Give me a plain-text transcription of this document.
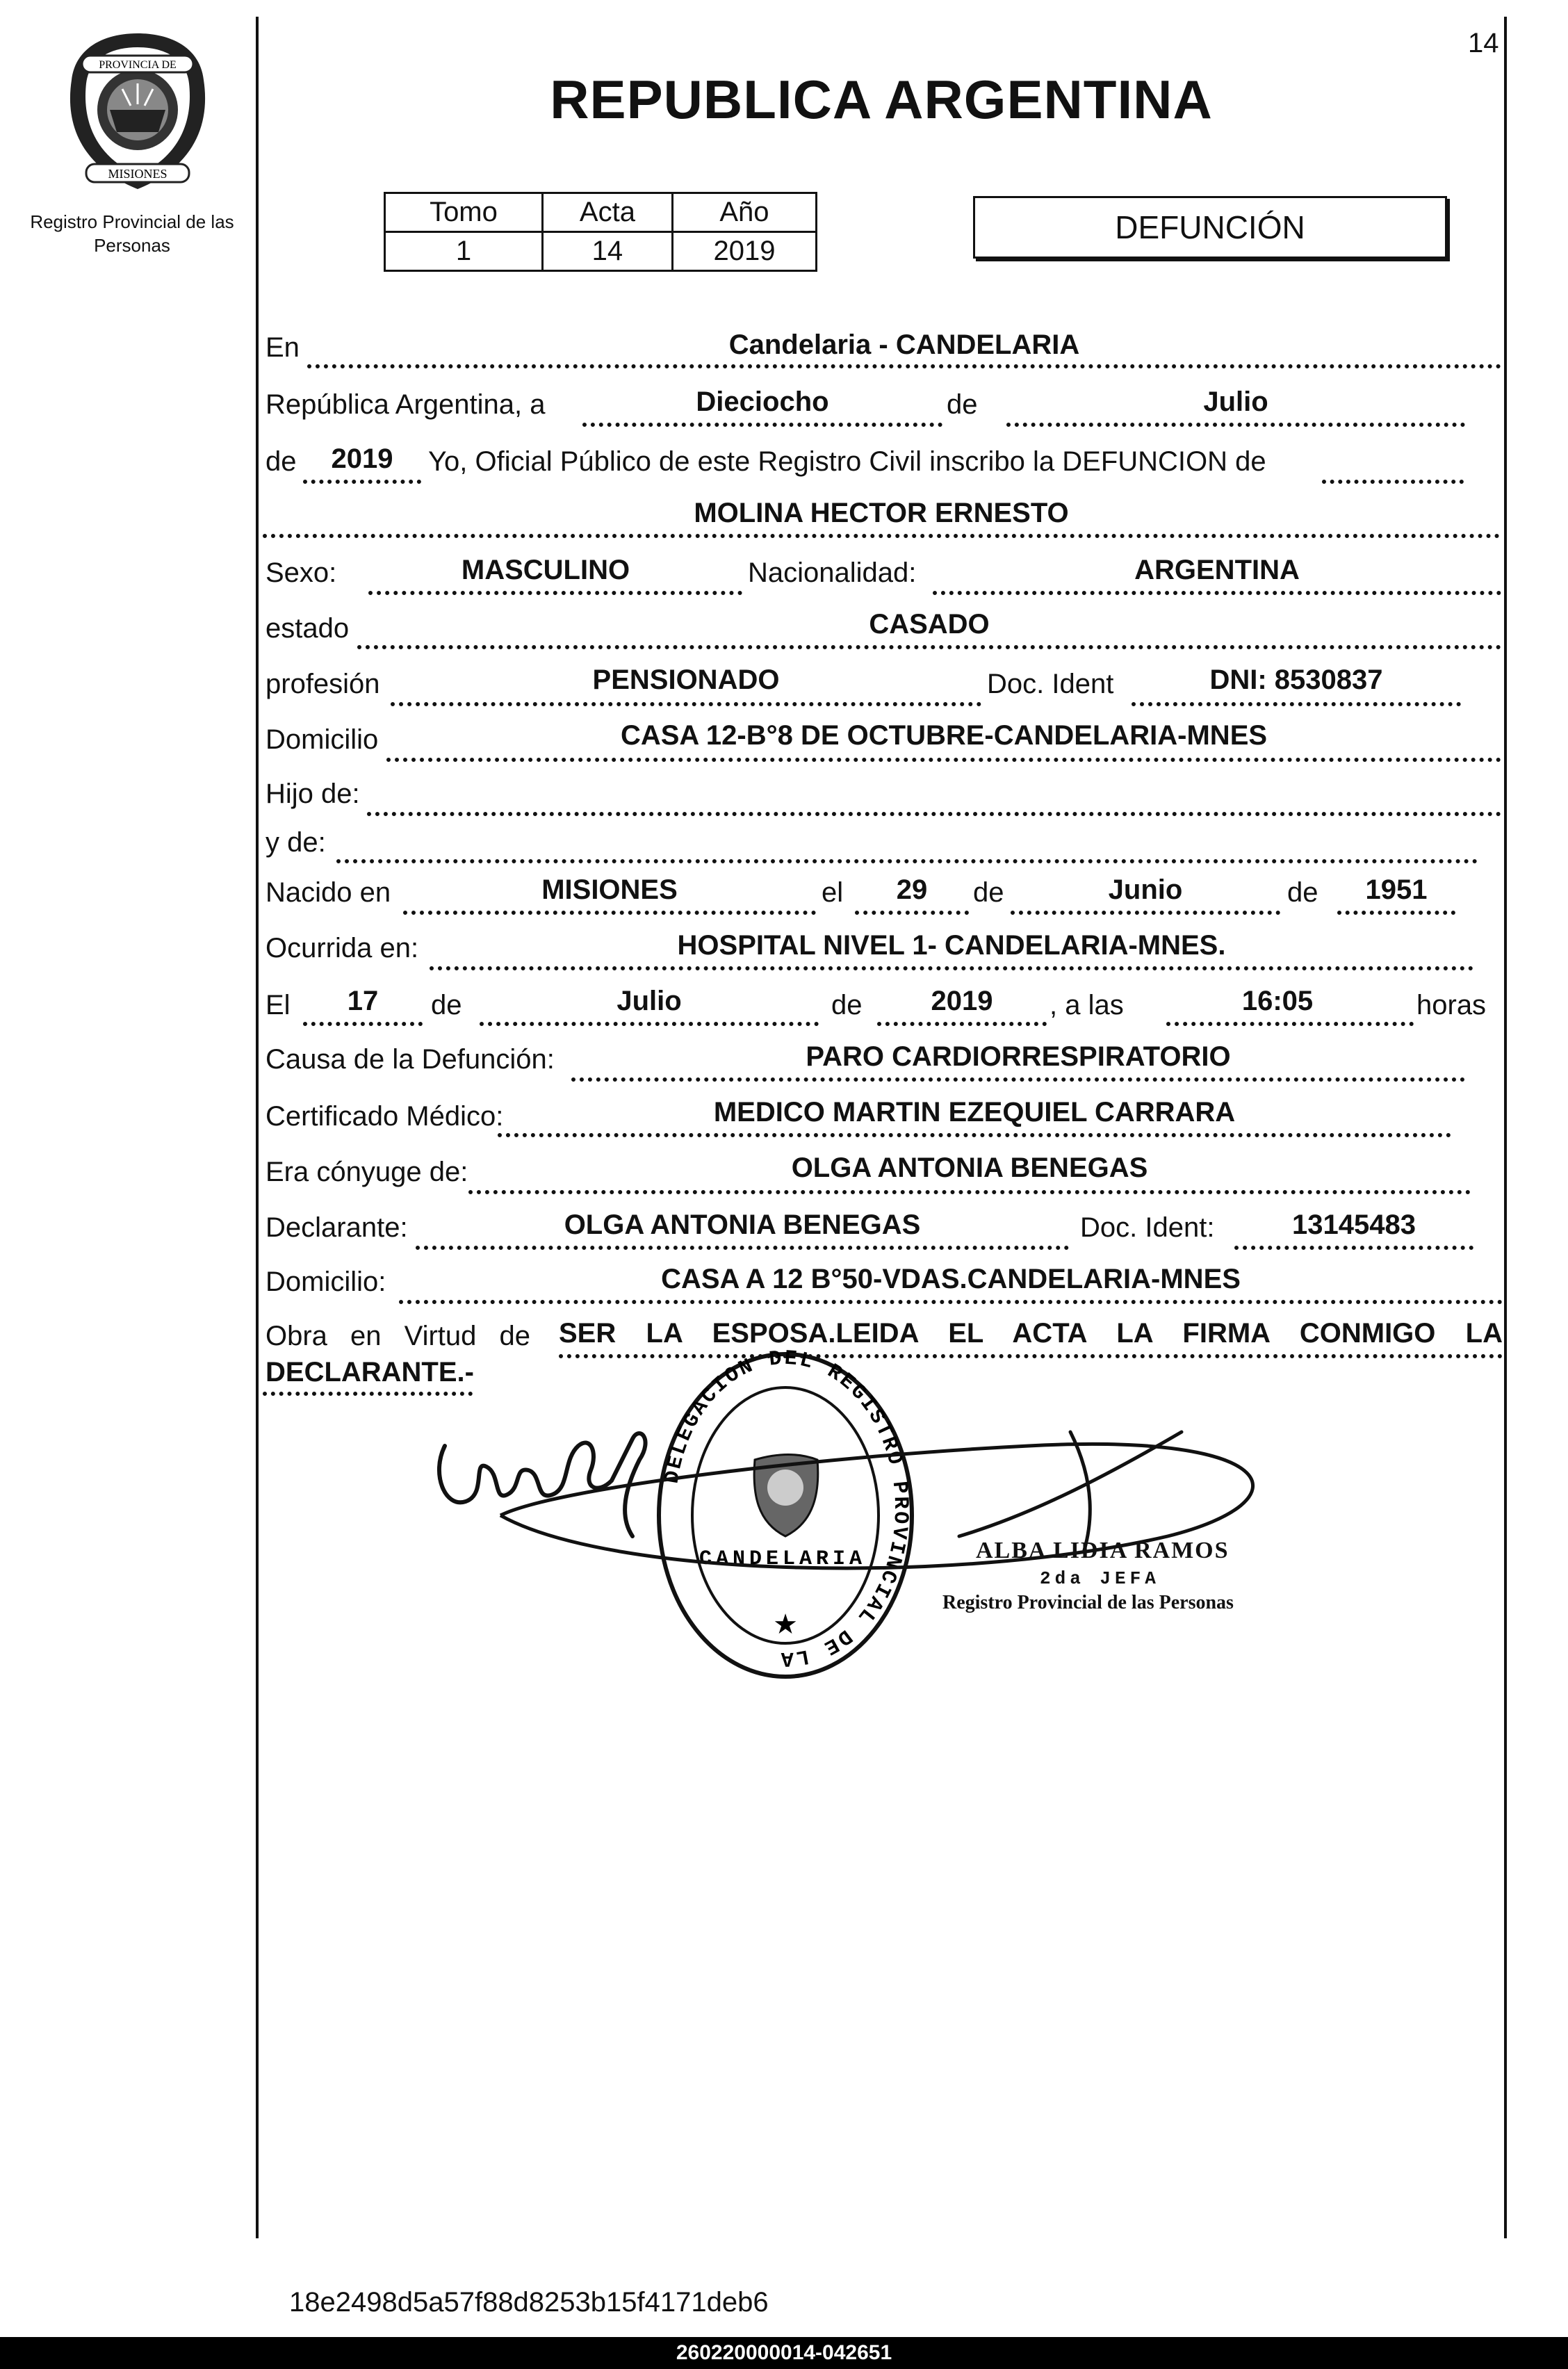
14
PROVINCIA DE
MISIONES
Registro Provincial de las Personas
REPUBLICA ARGENTINA
Tomo	Acta	Año
1	14	2019
DEFUNCIÓN
En	Candelaria - CANDELARIA
República Argentina, a	Dieciocho	de	Julio
de	2019	Yo, Oficial Público de este Registro Civil inscribo la DEFUNCION de
MOLINA HECTOR ERNESTO
Sexo:	MASCULINO	Nacionalidad:	ARGENTINA
estado	CASADO
profesión	PENSIONADO	Doc. Ident	DNI: 8530837
Domicilio	CASA 12-B°8 DE OCTUBRE-CANDELARIA-MNES
Hijo de:
y de:
Nacido en	MISIONES	el	29	de	Junio	de	1951
Ocurrida en:	HOSPITAL NIVEL 1- CANDELARIA-MNES.
El	17	de	Julio	de	2019	, a las	16:05	horas
Causa de la Defunción:	PARO CARDIORRESPIRATORIO
Certificado Médico:	MEDICO MARTIN EZEQUIEL CARRARA
Era cónyuge de:	OLGA ANTONIA BENEGAS
Declarante:	OLGA ANTONIA BENEGAS	Doc. Ident:	13145483
Domicilio:	CASA A 12 B°50-VDAS.CANDELARIA-MNES
Obra en Virtud de SER LA ESPOSA.LEIDA EL ACTA LA FIRMA CONMIGO LA
DECLARANTE.-
DELEGACION DEL REGISTRO PROVINCIAL DE LA
CANDELARIA
★
ALBA LIDIA RAMOS
2da JEFA
Registro Provincial de las Personas
18e2498d5a57f88d8253b15f4171deb6
260220000014-042651
